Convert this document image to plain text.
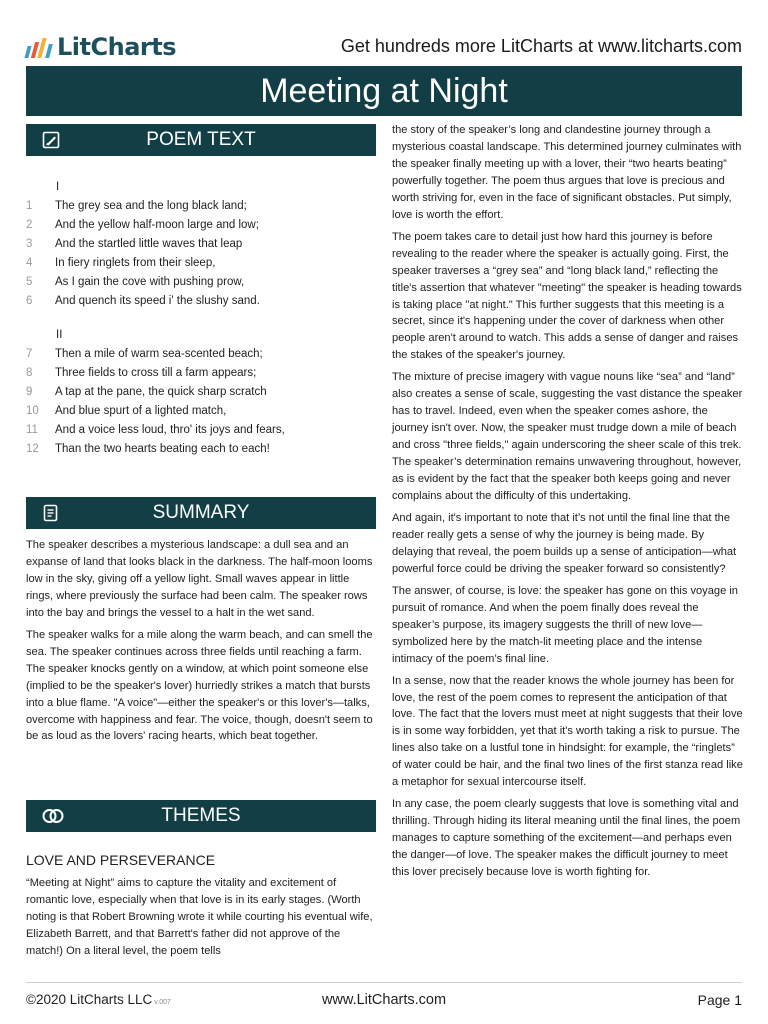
LitCharts	Get hundreds more LitCharts at www.litcharts.com
Meeting at Night
POEM TEXT
I
1	The grey sea and the long black land;
2	And the yellow half-moon large and low;
3	And the startled little waves that leap
4	In fiery ringlets from their sleep,
5	As I gain the cove with pushing prow,
6	And quench its speed i' the slushy sand.
II
7	Then a mile of warm sea-scented beach;
8	Three fields to cross till a farm appears;
9	A tap at the pane, the quick sharp scratch
10	And blue spurt of a lighted match,
11	And a voice less loud, thro' its joys and fears,
12	Than the two hearts beating each to each!
SUMMARY

The speaker describes a mysterious landscape: a dull sea and an expanse of land that looks black in the darkness. The half-moon looms low in the sky, giving off a yellow light. Small waves appear in little rings, where previously the surface had been calm. The speaker rows into the bay and brings the vessel to a halt in the wet sand.

The speaker walks for a mile along the warm beach, and can smell the sea. The speaker continues across three fields until reaching a farm. The speaker knocks gently on a window, at which point someone else (implied to be the speaker's lover) hurriedly strikes a match that bursts into a blue flame. "A voice"—either the speaker's or this lover's—talks, overcome with happiness and fear. The voice, though, doesn't seem to be as loud as the lovers' racing hearts, which beat together.

THEMES
LOVE AND PERSEVERANCE

“Meeting at Night” aims to capture the vitality and excitement of romantic love, especially when that love is in its early stages. (Worth noting is that Robert Browning wrote it while courting his eventual wife, Elizabeth Barrett, and that Barrett's father did not approve of the match!) On a literal level, the poem tells

the story of the speaker’s long and clandestine journey through a mysterious coastal landscape. This determined journey culminates with the speaker finally meeting up with a lover, their “two hearts beating” powerfully together. The poem thus argues that love is precious and worth striving for, even in the face of significant obstacles. Put simply, love is worth the effort.

The poem takes care to detail just how hard this journey is before revealing to the reader where the speaker is actually going. First, the speaker traverses a “grey sea” and “long black land,” reflecting the title's assertion that whatever "meeting" the speaker is heading towards is taking place "at night." This further suggests that this meeting is a secret, since it's happening under the cover of darkness when other people aren't around to watch. This adds a sense of danger and raises the stakes of the speaker's journey.

The mixture of precise imagery with vague nouns like “sea” and “land” also creates a sense of scale, suggesting the vast distance the speaker has to travel. Indeed, even when the speaker comes ashore, the journey isn't over. Now, the speaker must trudge down a mile of beach and cross "three fields," again underscoring the sheer scale of this trek. The speaker’s determination remains unwavering throughout, however, as is evident by the fact that the speaker both keeps going and never complains about the difficulty of this undertaking.

And again, it's important to note that it’s not until the final line that the reader really gets a sense of why the journey is being made. By delaying that reveal, the poem builds up a sense of anticipation—what powerful force could be driving the speaker forward so consistently?

The answer, of course, is love: the speaker has gone on this voyage in pursuit of romance. And when the poem finally does reveal the speaker’s purpose, its imagery suggests the thrill of new love—symbolized here by the match-lit meeting place and the intense intimacy of the poem’s final line.

In a sense, now that the reader knows the whole journey has been for love, the rest of the poem comes to represent the anticipation of that love. The fact that the lovers must meet at night suggests that their love is in some way forbidden, yet that it's worth taking a risk to pursue. The lines also take on a lustful tone in hindsight: for example, the “ringlets” of water could be hair, and the final two lines of the first stanza read like a metaphor for sexual intercourse itself.

In any case, the poem clearly suggests that love is something vital and thrilling. Through hiding its literal meaning until the final lines, the poem manages to capture something of the excitement—and perhaps even the danger—of love. The speaker makes the difficult journey to meet this lover precisely because love is worth fighting for.

©2020 LitCharts LLC v.007	www.LitCharts.com	Page 1
